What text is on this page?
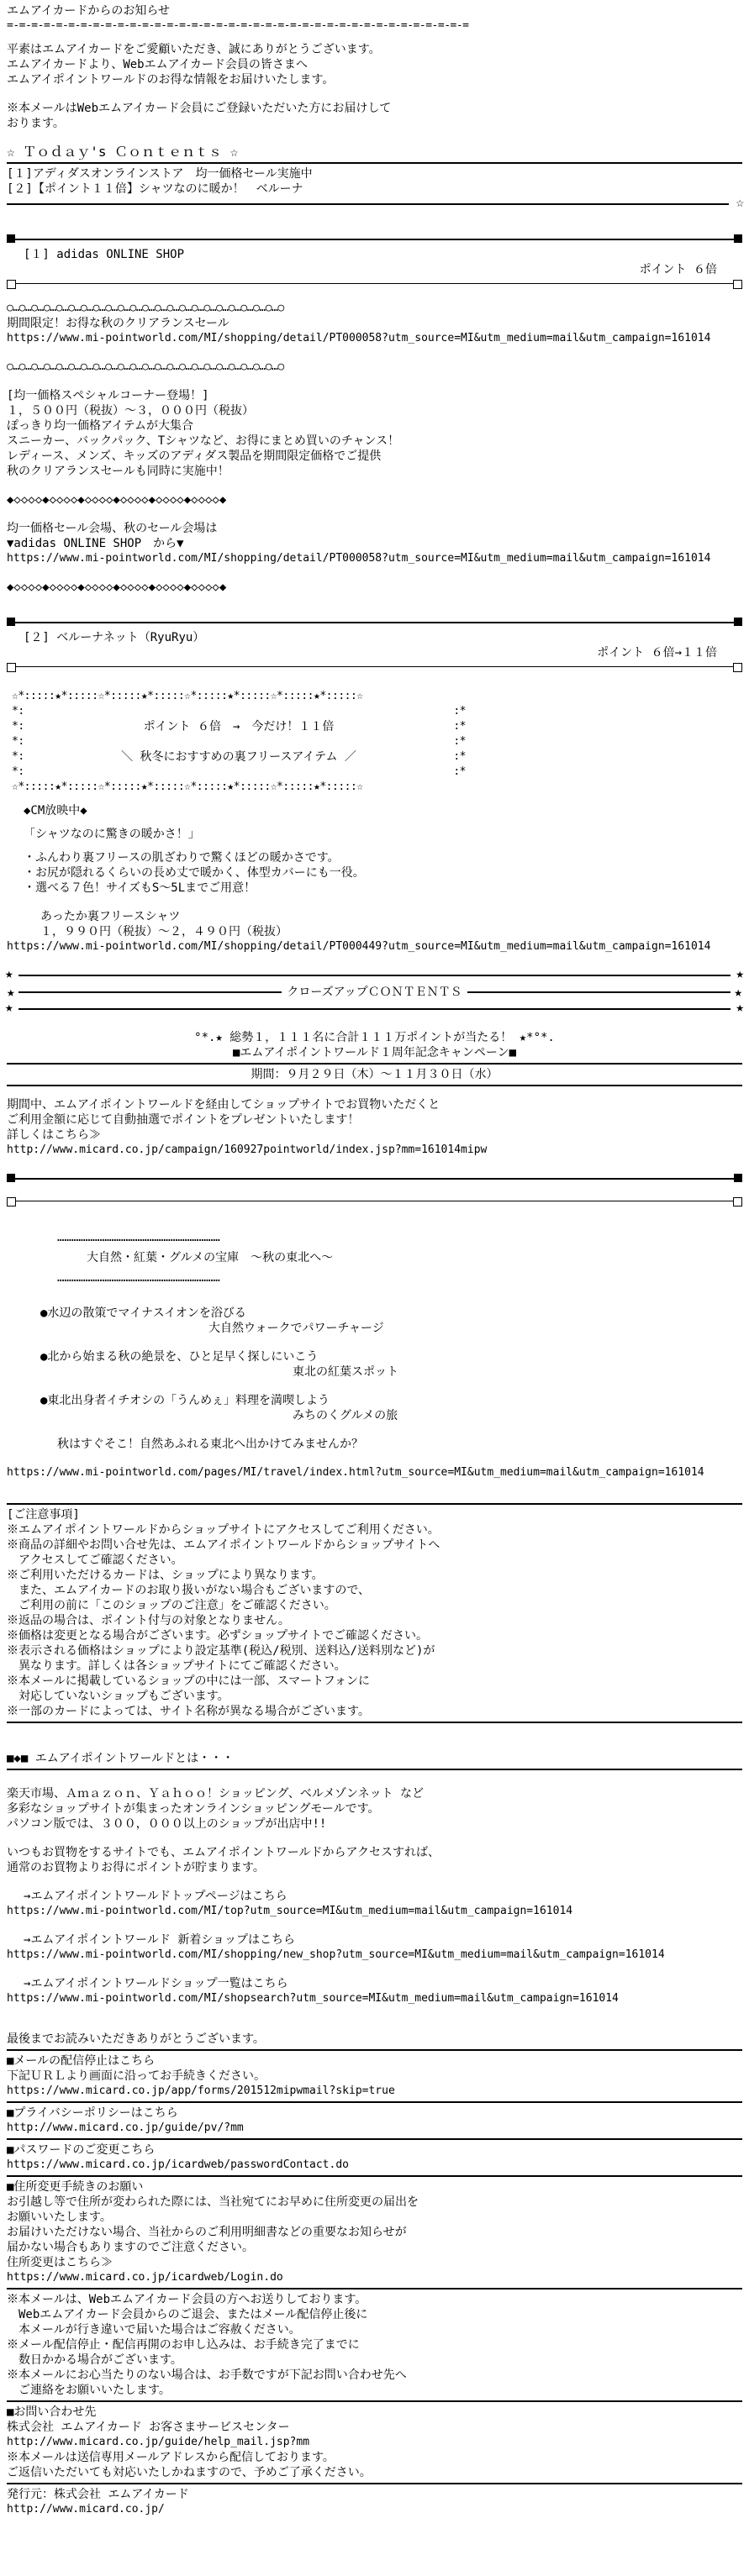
エムアイカードからのお知らせ
=-=-=-=-=-=-=-=-=-=-=-=-=-=-=-=-=-=-=-=-=-=-=-=-=-=-=-=-=-=-=-=-=-=-=-=-=-=
平素はエムアイカードをご愛顧いただき、誠にありがとうございます。
エムアイカードより、Webエムアイカード会員の皆さまへ
エムアイポイントワールドのお得な情報をお届けいたします。
※本メールはWebエムアイカード会員にご登録いただいた方にお届けして
おります。
☆ Ｔｏｄａｙ's Ｃｏｎｔｅｎｔｓ ☆
[１]アディダスオンラインストア　均一価格セール実施中
[２]【ポイント１１倍】シャツなのに暖か！　ベルーナ
☆
[１] adidas ONLINE SHOP
ポイント ６倍
○…○…○…○…○…○…○…○…○…○…○…○…○…○…○…○…○…○…○…○…○…○…○
期間限定！お得な秋のクリアランスセール
https://www.mi-pointworld.com/MI/shopping/detail/PT000058?utm_source=MI&utm_medium=mail&utm_campaign=161014
○…○…○…○…○…○…○…○…○…○…○…○…○…○…○…○…○…○…○…○…○…○…○
[均一価格スペシャルコーナー登場！]
１，５００円（税抜）～３，０００円（税抜）
ぽっきり均一価格アイテムが大集合
スニーカー、バックパック、Tシャツなど、お得にまとめ買いのチャンス！
レディース、メンズ、キッズのアディダス製品を期間限定価格でご提供
秋のクリアランスセールも同時に実施中！
◆◇◇◇◇◆◇◇◇◇◆◇◇◇◇◆◇◇◇◇◆◇◇◇◇◆◇◇◇◇◆
均一価格セール会場、秋のセール会場は
▼adidas ONLINE SHOP　から▼
https://www.mi-pointworld.com/MI/shopping/detail/PT000058?utm_source=MI&utm_medium=mail&utm_campaign=161014
◆◇◇◇◇◆◇◇◇◇◆◇◇◇◇◆◇◇◇◇◆◇◇◇◇◆◇◇◇◇◆
[２] ベルーナネット（RyuRyu）
ポイント ６倍→１１倍
☆*:::::★*:::::☆*:::::★*:::::☆*:::::★*:::::☆*:::::★*:::::☆
*:	:*
*:	ポイント ６倍　→　今だけ！１１倍	:*
*:	:*
*:	＼ 秋冬におすすめの裏フリースアイテム ／	:*
*:	:*
☆*:::::★*:::::☆*:::::★*:::::☆*:::::★*:::::☆*:::::★*:::::☆
◆CM放映中◆
「シャツなのに驚きの暖かさ！」
・ふんわり裏フリースの肌ざわりで驚くほどの暖かさです。
・お尻が隠れるくらいの長め丈で暖かく、体型カバーにも一役。
・選べる７色！サイズもS～5Lまでご用意！
あったか裏フリースシャツ
１，９９０円（税抜）～２，４９０円（税抜）
https://www.mi-pointworld.com/MI/shopping/detail/PT000449?utm_source=MI&utm_medium=mail&utm_campaign=161014
★	★
★	クローズアップＣＯＮＴＥＮＴＳ	★
★	★
°*.★ 総勢１，１１１名に合計１１１万ポイントが当たる！ ★*°*.
■エムアイポイントワールド１周年記念キャンペーン■
期間：９月２９日（木）～１１月３０日（水）
期間中、エムアイポイントワールドを経由してショップサイトでお買物いただくと
ご利用金額に応じて自動抽選でポイントをプレゼントいたします！
詳しくはこちら≫
http://www.micard.co.jp/campaign/160927pointworld/index.jsp?mm=161014mipw
……………………………………………………………
大自然・紅葉・グルメの宝庫　～秋の東北へ～
……………………………………………………………
●水辺の散策でマイナスイオンを浴びる
大自然ウォークでパワーチャージ
●北から始まる秋の絶景を、ひと足早く探しにいこう
東北の紅葉スポット
●東北出身者イチオシの「うんめぇ」料理を満喫しよう
みちのくグルメの旅
秋はすぐそこ！自然あふれる東北へ出かけてみませんか？
https://www.mi-pointworld.com/pages/MI/travel/index.html?utm_source=MI&utm_medium=mail&utm_campaign=161014
[ご注意事項]
※エムアイポイントワールドからショップサイトにアクセスしてご利用ください。
※商品の詳細やお問い合せ先は、エムアイポイントワールドからショップサイトへ
　アクセスしてご確認ください。
※ご利用いただけるカードは、ショップにより異なります。
　また、エムアイカードのお取り扱いがない場合もございますので、
　ご利用の前に「このショップのご注意」をご確認ください。
※返品の場合は、ポイント付与の対象となりません。
※価格は変更となる場合がございます。必ずショップサイトでご確認ください。
※表示される価格はショップにより設定基準(税込/税別、送料込/送料別など)が
　異なります。詳しくは各ショップサイトにてご確認ください。
※本メールに掲載しているショップの中には一部、スマートフォンに
　対応していないショップもございます。
※一部のカードによっては、サイト名称が異なる場合がございます。
■◆■ エムアイポイントワールドとは・・・
楽天市場、Ａｍａｚｏｎ、Ｙａｈｏｏ！ショッピング、ベルメゾンネット など
多彩なショップサイトが集まったオンラインショッピングモールです。
パソコン版では、３００，０００以上のショップが出店中!!
いつもお買物をするサイトでも、エムアイポイントワールドからアクセスすれば、
通常のお買物よりお得にポイントが貯まります。
→エムアイポイントワールドトップページはこちら
https://www.mi-pointworld.com/MI/top?utm_source=MI&utm_medium=mail&utm_campaign=161014
→エムアイポイントワールド 新着ショップはこちら
https://www.mi-pointworld.com/MI/shopping/new_shop?utm_source=MI&utm_medium=mail&utm_campaign=161014
→エムアイポイントワールドショップ一覧はこちら
https://www.mi-pointworld.com/MI/shopsearch?utm_source=MI&utm_medium=mail&utm_campaign=161014
最後までお読みいただきありがとうございます。
■メールの配信停止はこちら
下記ＵＲＬより画面に沿ってお手続きください。
https://www.micard.co.jp/app/forms/201512mipwmail?skip=true
■プライバシーポリシーはこちら
http://www.micard.co.jp/guide/pv/?mm
■パスワードのご変更こちら
https://www.micard.co.jp/icardweb/passwordContact.do
■住所変更手続きのお願い
お引越し等で住所が変わられた際には、当社宛てにお早めに住所変更の届出を
お願いいたします。
お届けいただけない場合、当社からのご利用明細書などの重要なお知らせが
届かない場合もありますのでご注意ください。
住所変更はこちら≫
https://www.micard.co.jp/icardweb/Login.do
※本メールは、Webエムアイカード会員の方へお送りしております。
　Webエムアイカード会員からのご退会、またはメール配信停止後に
　本メールが行き違いで届いた場合はご容赦ください。
※メール配信停止・配信再開のお申し込みは、お手続き完了までに
　数日かかる場合がございます。
※本メールにお心当たりのない場合は、お手数ですが下記お問い合わせ先へ
　ご連絡をお願いいたします。
■お問い合わせ先
株式会社 エムアイカード お客さまサービスセンター
http://www.micard.co.jp/guide/help_mail.jsp?mm
※本メールは送信専用メールアドレスから配信しております。
ご返信いただいても対応いたしかねますので、予めご了承ください。
発行元：株式会社 エムアイカード
http://www.micard.co.jp/
